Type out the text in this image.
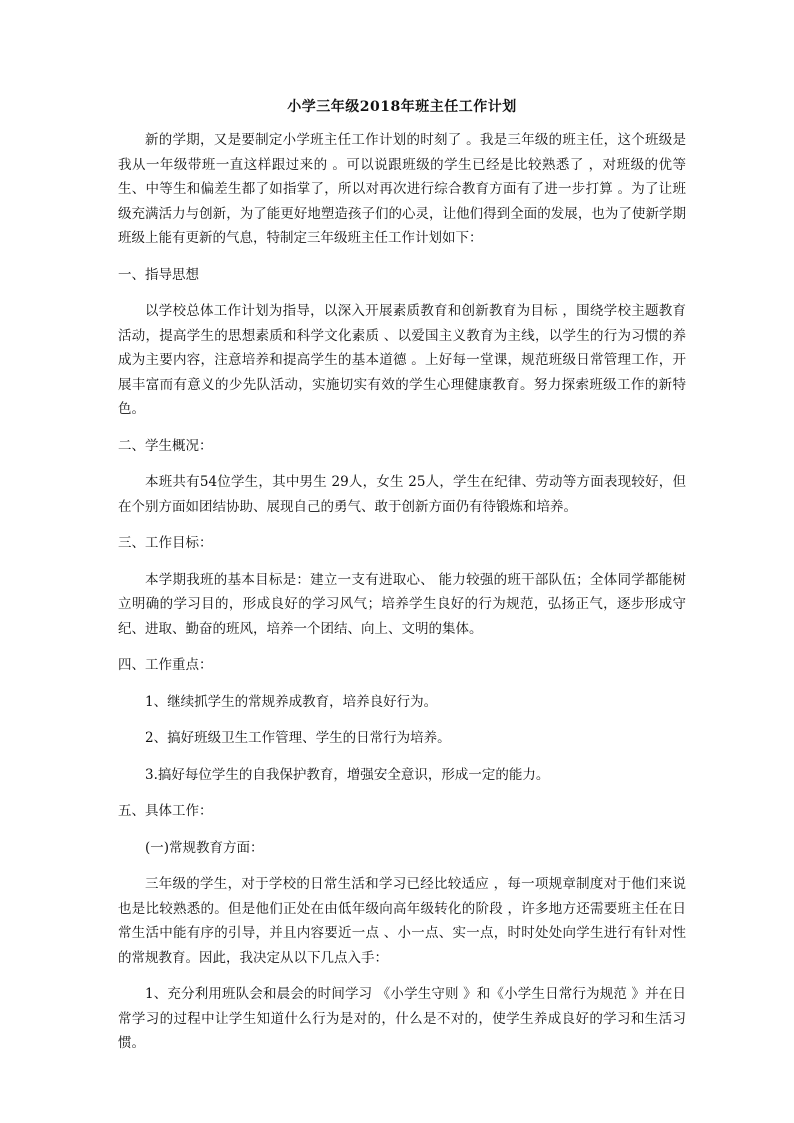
小学三年级2018年班主任工作计划

新的学期，又是要制定小学班主任工作计划的时刻了 。我是三年级的班主任，这个班级是我从一年级带班一直这样跟过来的 。可以说跟班级的学生已经是比较熟悉了 ，对班级的优等生、中等生和偏差生都了如指掌了，所以对再次进行综合教育方面有了进一步打算 。为了让班级充满活力与创新，为了能更好地塑造孩子们的心灵，让他们得到全面的发展，也为了使新学期班级上能有更新的气息，特制定三年级班主任工作计划如下：

一、指导思想

以学校总体工作计划为指导，以深入开展素质教育和创新教育为目标 ，围绕学校主题教育活动，提高学生的思想素质和科学文化素质 、以爱国主义教育为主线，以学生的行为习惯的养成为主要内容，注意培养和提高学生的基本道德 。上好每一堂课，规范班级日常管理工作，开展丰富而有意义的少先队活动，实施切实有效的学生心理健康教育。努力探索班级工作的新特色。

二、学生概况：

本班共有54位学生，其中男生 29人，女生 25人，学生在纪律、劳动等方面表现较好，但在个别方面如团结协助、展现自己的勇气、敢于创新方面仍有待锻炼和培养。

三、工作目标：

本学期我班的基本目标是：建立一支有进取心、 能力较强的班干部队伍；全体同学都能树立明确的学习目的，形成良好的学习风气；培养学生良好的行为规范，弘扬正气，逐步形成守纪、进取、勤奋的班风，培养一个团结、向上、文明的集体。

四、工作重点：

1、继续抓学生的常规养成教育，培养良好行为。

2、搞好班级卫生工作管理、学生的日常行为培养。

3.搞好每位学生的自我保护教育，增强安全意识，形成一定的能力。

五、具体工作：

(一)常规教育方面：

三年级的学生，对于学校的日常生活和学习已经比较适应 ，每一项规章制度对于他们来说也是比较熟悉的。但是他们正处在由低年级向高年级转化的阶段 ，许多地方还需要班主任在日常生活中能有序的引导，并且内容要近一点 、小一点、实一点，时时处处向学生进行有针对性的常规教育。因此，我决定从以下几点入手：

1、充分利用班队会和晨会的时间学习 《小学生守则 》和《小学生日常行为规范 》并在日常学习的过程中让学生知道什么行为是对的，什么是不对的，使学生养成良好的学习和生活习惯。
